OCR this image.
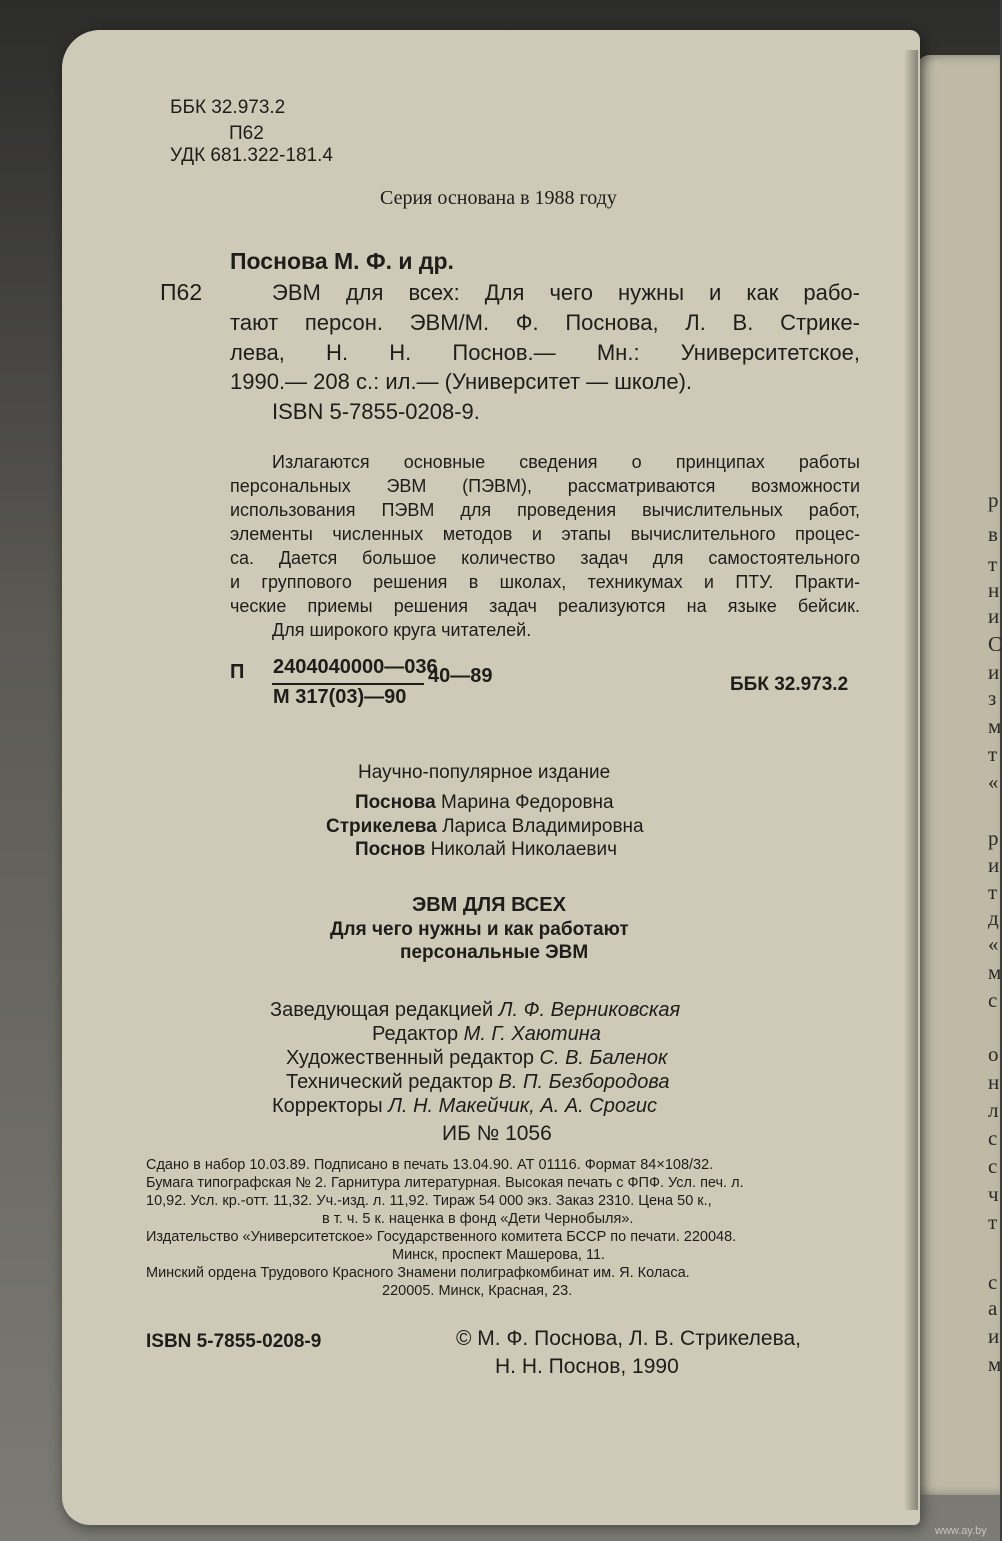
р
в
т
н
и
С
и
з
м
т
«
р
и
т
д
«
м
с
о
н
л
с
с
ч
т
с
а
и
м
ББК 32.973.2
П62
УДК 681.322-181.4
Серия основана в 1988 году
Поснова М. Ф. и др.
П62	ЭВМ для всех: Для чего нужны и как рабо-
тают персон. ЭВМ/М. Ф. Поснова, Л. В. Стрике-
лева, Н. Н. Поснов.— Мн.: Университетское,
1990.— 208 с.: ил.— (Университет — школе).
ISBN 5-7855-0208-9.
Излагаются основные сведения о принципах работы
персональных ЭВМ (ПЭВМ), рассматриваются возможности
использования ПЭВМ для проведения вычислительных работ,
элементы численных методов и этапы вычислительного процес-
са. Дается большое количество задач для самостоятельного
и группового решения в школах, техникумах и ПТУ. Практи-
ческие приемы решения задач реализуются на языке бейсик.
Для широкого круга читателей.
П 2404040000—036
М 317(03)—90
40—89	ББК 32.973.2
Научно-популярное издание
Поснова Марина Федоровна
Стрикелева Лариса Владимировна
Поснов Николай Николаевич
ЭВМ ДЛЯ ВСЕХ
Для чего нужны и как работают
персональные ЭВМ
Заведующая редакцией Л. Ф. Верниковская
Редактор М. Г. Хаютина
Художественный редактор С. В. Баленок
Технический редактор В. П. Безбородова
Корректоры Л. Н. Макейчик, А. А. Срогис
ИБ № 1056
Сдано в набор 10.03.89. Подписано в печать 13.04.90. АТ 01116. Формат 84×108/32.
Бумага типографская № 2. Гарнитура литературная. Высокая печать с ФПФ. Усл. печ. л.
10,92. Усл. кр.-отт. 11,32. Уч.-изд. л. 11,92. Тираж 54 000 экз. Заказ 2310. Цена 50 к.,
в т. ч. 5 к. наценка в фонд «Дети Чернобыля».
Издательство «Университетское» Государственного комитета БССР по печати. 220048.
Минск, проспект Машерова, 11.
Минский ордена Трудового Красного Знамени полиграфкомбинат им. Я. Коласа.
220005. Минск, Красная, 23.
ISBN 5-7855-0208-9	© М. Ф. Поснова, Л. В. Стрикелева,
Н. Н. Поснов, 1990
www.ay.by
